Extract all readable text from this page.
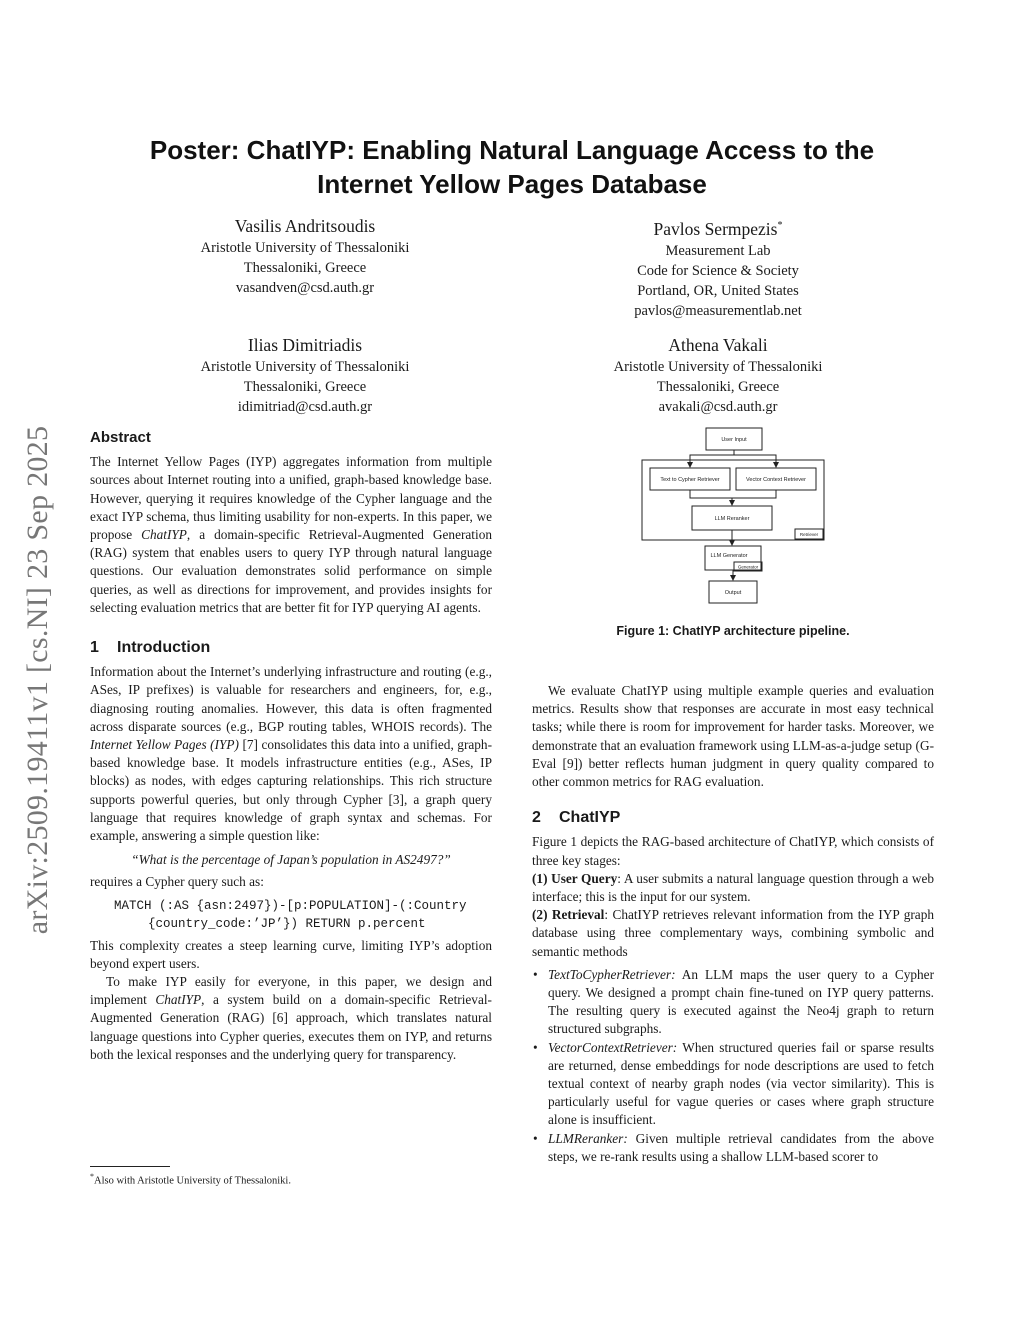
arXiv:2509.19411v1 [cs.NI] 23 Sep 2025
Poster: ChatIYP: Enabling Natural Language Access to the
Internet Yellow Pages Database
Vasilis Andritsoudis
Aristotle University of Thessaloniki
Thessaloniki, Greece
vasandven@csd.auth.gr
Pavlos Sermpezis*
Measurement Lab
Code for Science & Society
Portland, OR, United States
pavlos@measurementlab.net
Ilias Dimitriadis
Aristotle University of Thessaloniki
Thessaloniki, Greece
idimitriad@csd.auth.gr
Athena Vakali
Aristotle University of Thessaloniki
Thessaloniki, Greece
avakali@csd.auth.gr
Abstract

The Internet Yellow Pages (IYP) aggregates information from multiple sources about Internet routing into a unified, graph-based knowledge base. However, querying it requires knowledge of the Cypher language and the exact IYP schema, thus limiting usability for non-experts. In this paper, we propose ChatIYP, a domain-specific Retrieval-Augmented Generation (RAG) system that enables users to query IYP through natural language questions. Our evaluation demonstrates solid performance on simple queries, as well as directions for improvement, and provides insights for selecting evaluation metrics that are better fit for IYP querying AI agents.

1 Introduction

Information about the Internet’s underlying infrastructure and routing (e.g., ASes, IP prefixes) is valuable for researchers and engineers, for, e.g., diagnosing routing anomalies. However, this data is often fragmented across disparate sources (e.g., BGP routing tables, WHOIS records). The Internet Yellow Pages (IYP) [7] consolidates this data into a unified, graph-based knowledge base. It models infrastructure entities (e.g., ASes, IP blocks) as nodes, with edges capturing relationships. This rich structure supports powerful queries, but only through Cypher [3], a graph query language that requires knowledge of graph syntax and schemas. For example, answering a simple question like:

“What is the percentage of Japan’s population in AS2497?”

requires a Cypher query such as:

MATCH (:AS {asn:2497})-[p:POPULATION]-(:Country
{country_code:’JP’}) RETURN p.percent

This complexity creates a steep learning curve, limiting IYP’s adoption beyond expert users.

To make IYP easily for everyone, in this paper, we design and implement ChatIYP, a system build on a domain-specific Retrieval-Augmented Generation (RAG) [6] approach, which translates natural language questions into Cypher queries, executes them on IYP, and returns both the lexical responses and the underlying query for transparency.

*Also with Aristotle University of Thessaloniki.
User Input
Text to Cypher Retriever	Vector Context Retriever
LLM Reranker
Retriever
LLM Generator
Generator
Output
Figure 1: ChatIYP architecture pipeline.

We evaluate ChatIYP using multiple example queries and evaluation metrics. Results show that responses are accurate in most easy technical tasks; while there is room for improvement for harder tasks. Moreover, we demonstrate that an evaluation framework using LLM-as-a-judge setup (G-Eval [9]) better reflects human judgment in query quality compared to other common metrics for RAG evaluation.

2 ChatIYP

Figure 1 depicts the RAG-based architecture of ChatIYP, which consists of three key stages:

(1) User Query: A user submits a natural language question through a web interface; this is the input for our system.

(2) Retrieval: ChatIYP retrieves relevant information from the IYP graph database using three complementary ways, combining symbolic and semantic methods

• TextToCypherRetriever: An LLM maps the user query to a Cypher query. We designed a prompt chain fine-tuned on IYP query patterns. The resulting query is executed against the Neo4j graph to return structured subgraphs.
• VectorContextRetriever: When structured queries fail or sparse results are returned, dense embeddings for node descriptions are used to fetch textual context of nearby graph nodes (via vector similarity). This is particularly useful for vague queries or cases where graph structure alone is insufficient.
• LLMReranker: Given multiple retrieval candidates from the above steps, we re-rank results using a shallow LLM-based scorer to
